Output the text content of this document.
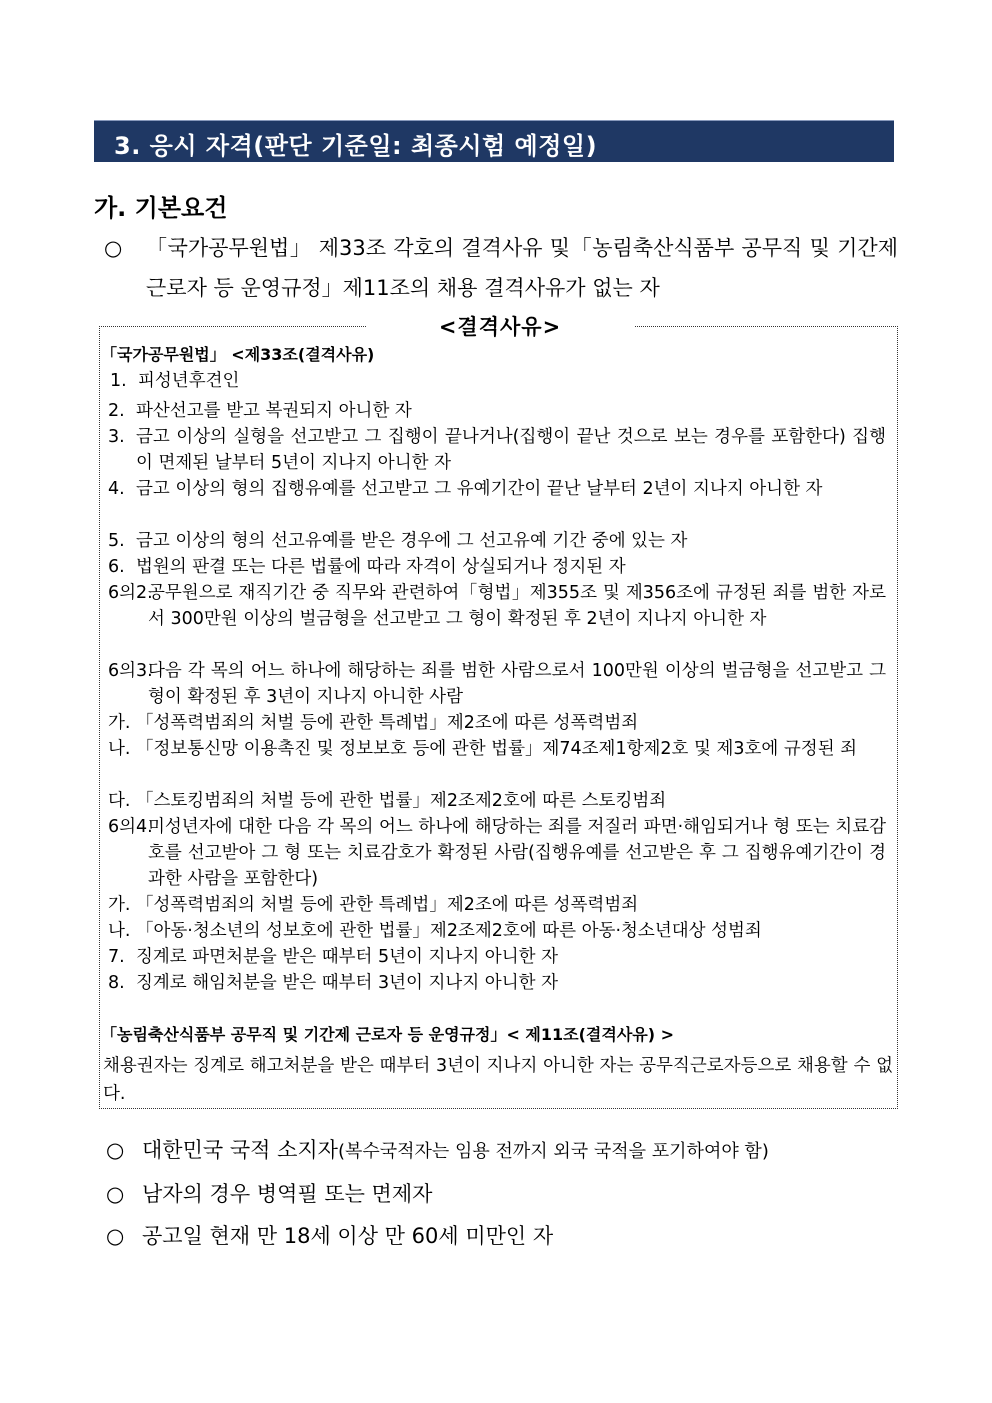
3. 응시 자격(판단 기준일: 최종시험 예정일)
가. 기본요건
○ 「국가공무원법」 제33조 각호의 결격사유 및「농림축산식품부 공무직 및 기간제근로자 등 운영규정」제11조의 채용 결격사유가 없는 자
<결격사유>
「국가공무원법」 <제33조(결격사유)
1. 피성년후견인
2. 파산선고를 받고 복권되지 아니한 자
3. 금고 이상의 실형을 선고받고 그 집행이 끝나거나(집행이 끝난 것으로 보는 경우를 포함한다) 집행이 면제된 날부터 5년이 지나지 아니한 자
4. 금고 이상의 형의 집행유예를 선고받고 그 유예기간이 끝난 날부터 2년이 지나지 아니한 자
5. 금고 이상의 형의 선고유예를 받은 경우에 그 선고유예 기간 중에 있는 자
6. 법원의 판결 또는 다른 법률에 따라 자격이 상실되거나 정지된 자
6의2.
공무원으로 재직기간 중 직무와 관련하여「형법」제355조 및 제356조에 규정된 죄를 범한 자로서 300만원 이상의 벌금형을 선고받고 그 형이 확정된 후 2년이 지나지 아니한 자
6의3.
다음 각 목의 어느 하나에 해당하는 죄를 범한 사람으로서 100만원 이상의 벌금형을 선고받고 그 형이 확정된 후 3년이 지나지 아니한 사람
가. 「성폭력범죄의 처벌 등에 관한 특례법」제2조에 따른 성폭력범죄
나. 「정보통신망 이용촉진 및 정보보호 등에 관한 법률」제74조제1항제2호 및 제3호에 규정된 죄
다. 「스토킹범죄의 처벌 등에 관한 법률」제2조제2호에 따른 스토킹범죄
6의4.
미성년자에 대한 다음 각 목의 어느 하나에 해당하는 죄를 저질러 파면·해임되거나 형 또는 치료감호를 선고받아 그 형 또는 치료감호가 확정된 사람(집행유예를 선고받은 후 그 집행유예기간이 경과한 사람을 포함한다)
가. 「성폭력범죄의 처벌 등에 관한 특례법」제2조에 따른 성폭력범죄
나. 「아동·청소년의 성보호에 관한 법률」제2조제2호에 따른 아동·청소년대상 성범죄
7. 징계로 파면처분을 받은 때부터 5년이 지나지 아니한 자
8. 징계로 해임처분을 받은 때부터 3년이 지나지 아니한 자
「농림축산식품부 공무직 및 기간제 근로자 등 운영규정」< 제11조(결격사유) >
채용권자는 징계로 해고처분을 받은 때부터 3년이 지나지 아니한 자는 공무직근로자등으로 채용할 수 없다.
○ 대한민국 국적 소지자(복수국적자는 임용 전까지 외국 국적을 포기하여야 함)
○ 남자의 경우 병역필 또는 면제자
○ 공고일 현재 만 18세 이상 만 60세 미만인 자
